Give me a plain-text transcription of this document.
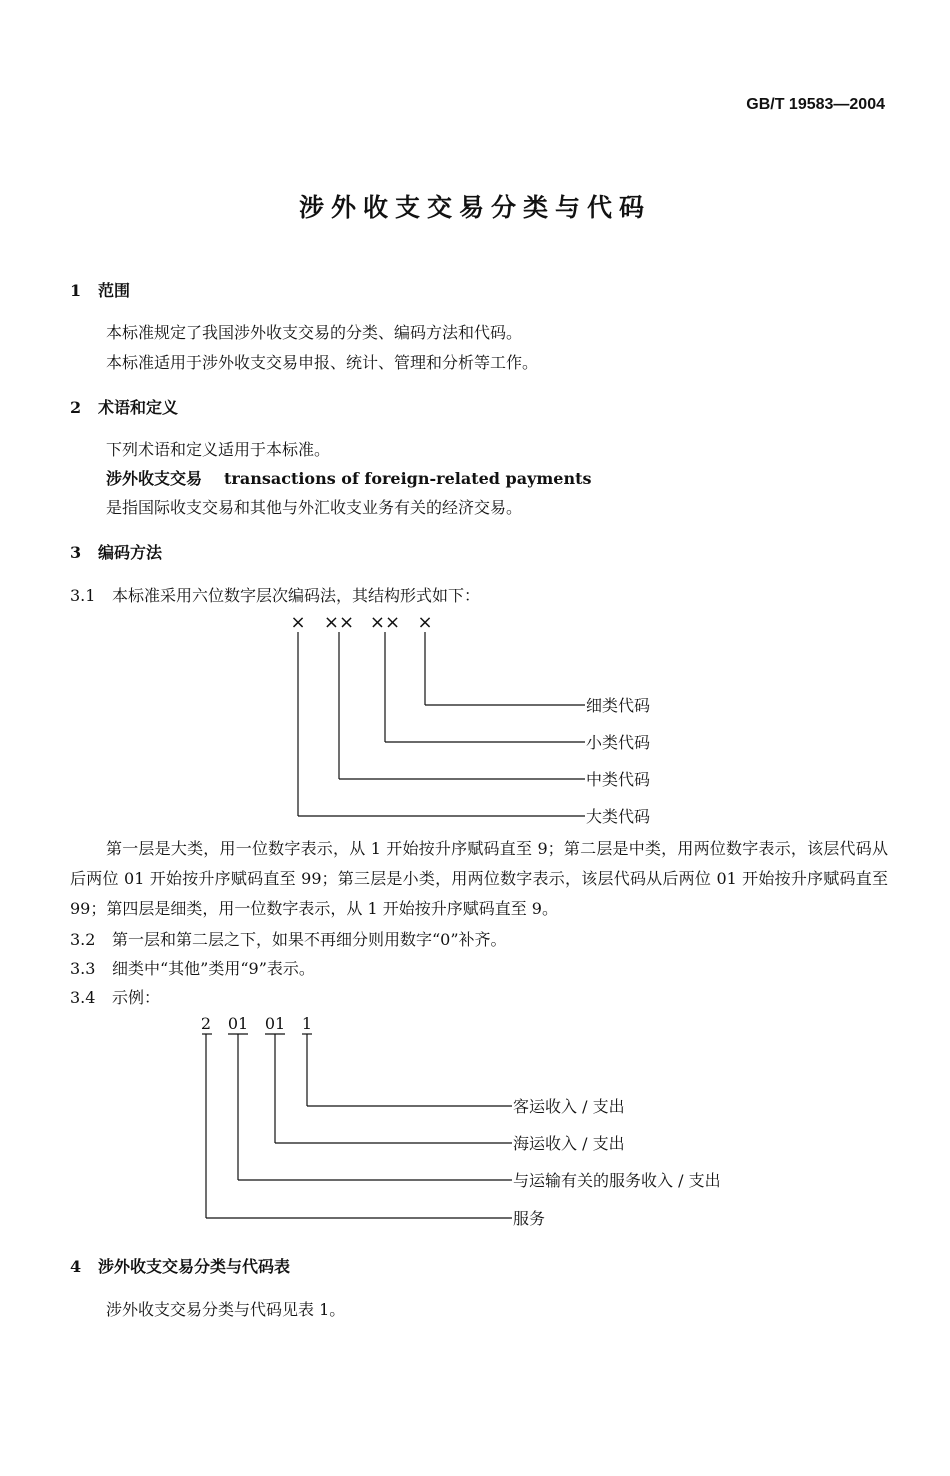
GB/T 19583—2004
涉外收支交易分类与代码
1 范围
本标准规定了我国涉外收支交易的分类、编码方法和代码。
本标准适用于涉外收支交易申报、统计、管理和分析等工作。
2 术语和定义
下列术语和定义适用于本标准。
涉外收支交易 transactions of foreign-related payments
是指国际收支交易和其他与外汇收支业务有关的经济交易。
3 编码方法
3.1 本标准采用六位数字层次编码法，其结构形式如下：
× ×× ×× ×
细类代码
小类代码
中类代码
大类代码
第一层是大类，用一位数字表示，从 1 开始按升序赋码直至 9；第二层是中类，用两位数字表示，该层代码从后两位 01 开始按升序赋码直至 99；第三层是小类，用两位数字表示，该层代码从后两位 01 开始按升序赋码直至 99；第四层是细类，用一位数字表示，从 1 开始按升序赋码直至 9。
3.2 第一层和第二层之下，如果不再细分则用数字“0”补齐。
3.3 细类中“其他”类用“9”表示。
3.4 示例：
2 01 01 1
客运收入 / 支出
海运收入 / 支出
与运输有关的服务收入 / 支出
服务
4 涉外收支交易分类与代码表
涉外收支交易分类与代码见表 1。
